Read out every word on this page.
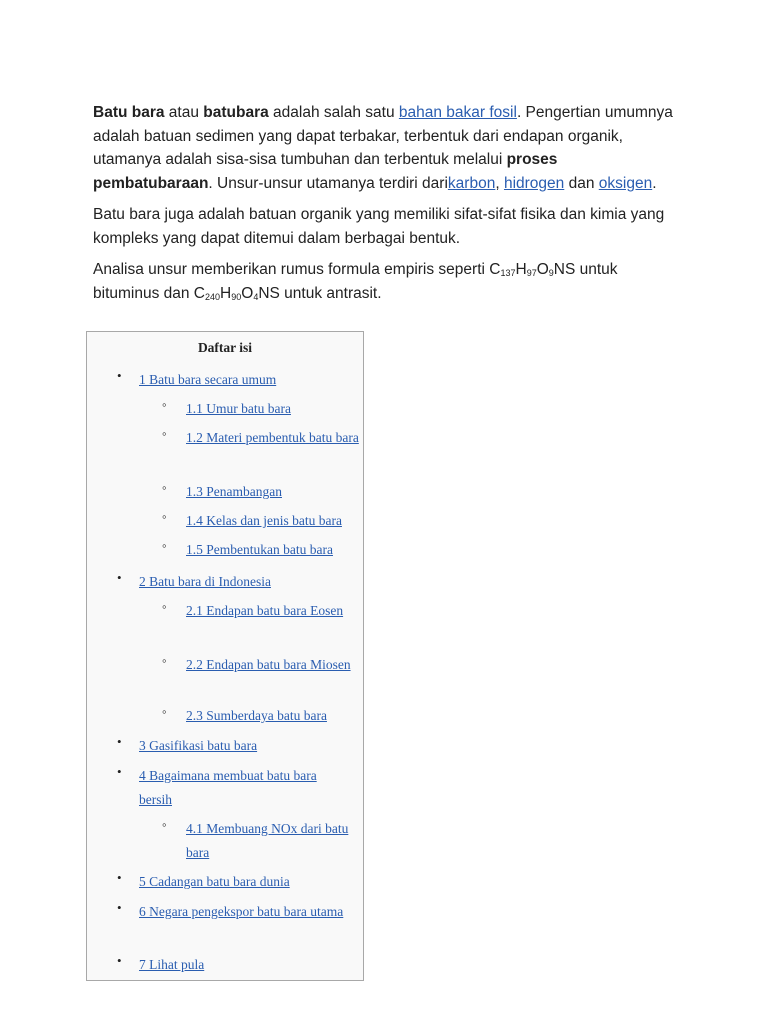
Batu bara atau batubara adalah salah satu bahan bakar fosil. Pengertian umumnya adalah batuan sedimen yang dapat terbakar, terbentuk dari endapan organik, utamanya adalah sisa-sisa tumbuhan dan terbentuk melalui proses pembatubaraan. Unsur-unsur utamanya terdiri darikarbon, hidrogen dan oksigen.

Batu bara juga adalah batuan organik yang memiliki sifat-sifat fisika dan kimia yang kompleks yang dapat ditemui dalam berbagai bentuk.

Analisa unsur memberikan rumus formula empiris seperti $C_{137}H_{97}O_9NS$ untuk bituminus dan $C_{240}H_{90}O_4NS$ untuk antrasit.

Daftar isi
• 1 Batu bara secara umum
◦ 1.1 Umur batu bara
◦ 1.2 Materi pembentuk batu bara
◦ 1.3 Penambangan
◦ 1.4 Kelas dan jenis batu bara
◦ 1.5 Pembentukan batu bara
• 2 Batu bara di Indonesia
◦ 2.1 Endapan batu bara Eosen
◦ 2.2 Endapan batu bara Miosen
◦ 2.3 Sumberdaya batu bara
• 3 Gasifikasi batu bara
• 4 Bagaimana membuat batu bara bersih
◦ 4.1 Membuang NOx dari batu bara
• 5 Cadangan batu bara dunia
• 6 Negara pengekspor batu bara utama
• 7 Lihat pula
